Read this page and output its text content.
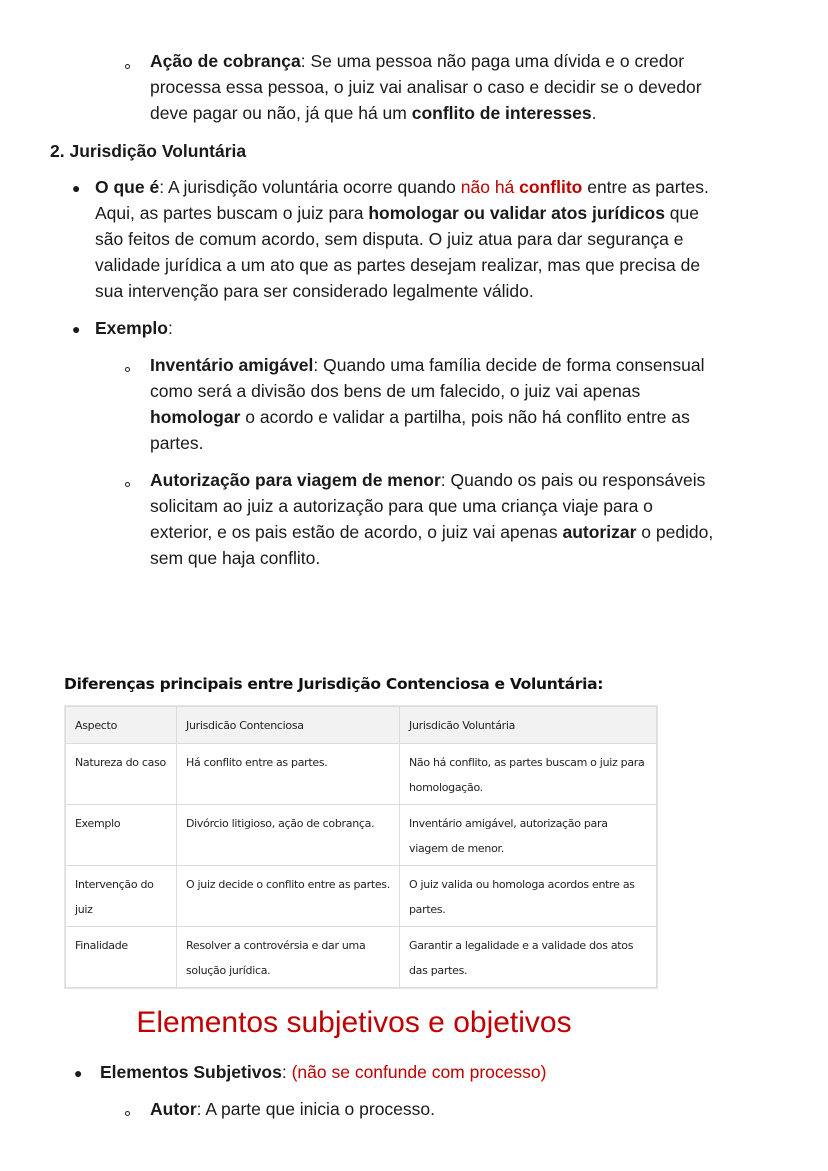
Ação de cobrança: Se uma pessoa não paga uma dívida e o credor
processa essa pessoa, o juiz vai analisar o caso e decidir se o devedor
deve pagar ou não, já que há um conflito de interesses.
2. Jurisdição Voluntária
● O que é: A jurisdição voluntária ocorre quando não há conflito entre as partes.
Aqui, as partes buscam o juiz para homologar ou validar atos jurídicos que
são feitos de comum acordo, sem disputa. O juiz atua para dar segurança e
validade jurídica a um ato que as partes desejam realizar, mas que precisa de
sua intervenção para ser considerado legalmente válido.
● Exemplo:
Inventário amigável: Quando uma família decide de forma consensual
como será a divisão dos bens de um falecido, o juiz vai apenas
homologar o acordo e validar a partilha, pois não há conflito entre as
partes.
Autorização para viagem de menor: Quando os pais ou responsáveis
solicitam ao juiz a autorização para que uma criança viaje para o
exterior, e os pais estão de acordo, o juiz vai apenas autorizar o pedido,
sem que haja conflito.
Diferenças principais entre Jurisdição Contenciosa e Voluntária:
Aspecto	Jurisdicão Contenciosa	Jurisdicão Voluntária
Natureza do caso	Há conflito entre as partes.	Não há conflito, as partes buscam o juiz para homologação.
Exemplo	Divórcio litigioso, ação de cobrança.	Inventário amigável, autorização para viagem de menor.
Intervenção do juiz	O juiz decide o conflito entre as partes.	O juiz valida ou homologa acordos entre as partes.
Finalidade	Resolver a controvérsia e dar uma solução jurídica.	Garantir a legalidade e a validade dos atos das partes.
Elementos subjetivos e objetivos
● Elementos Subjetivos: (não se confunde com processo)
Autor: A parte que inicia o processo.
